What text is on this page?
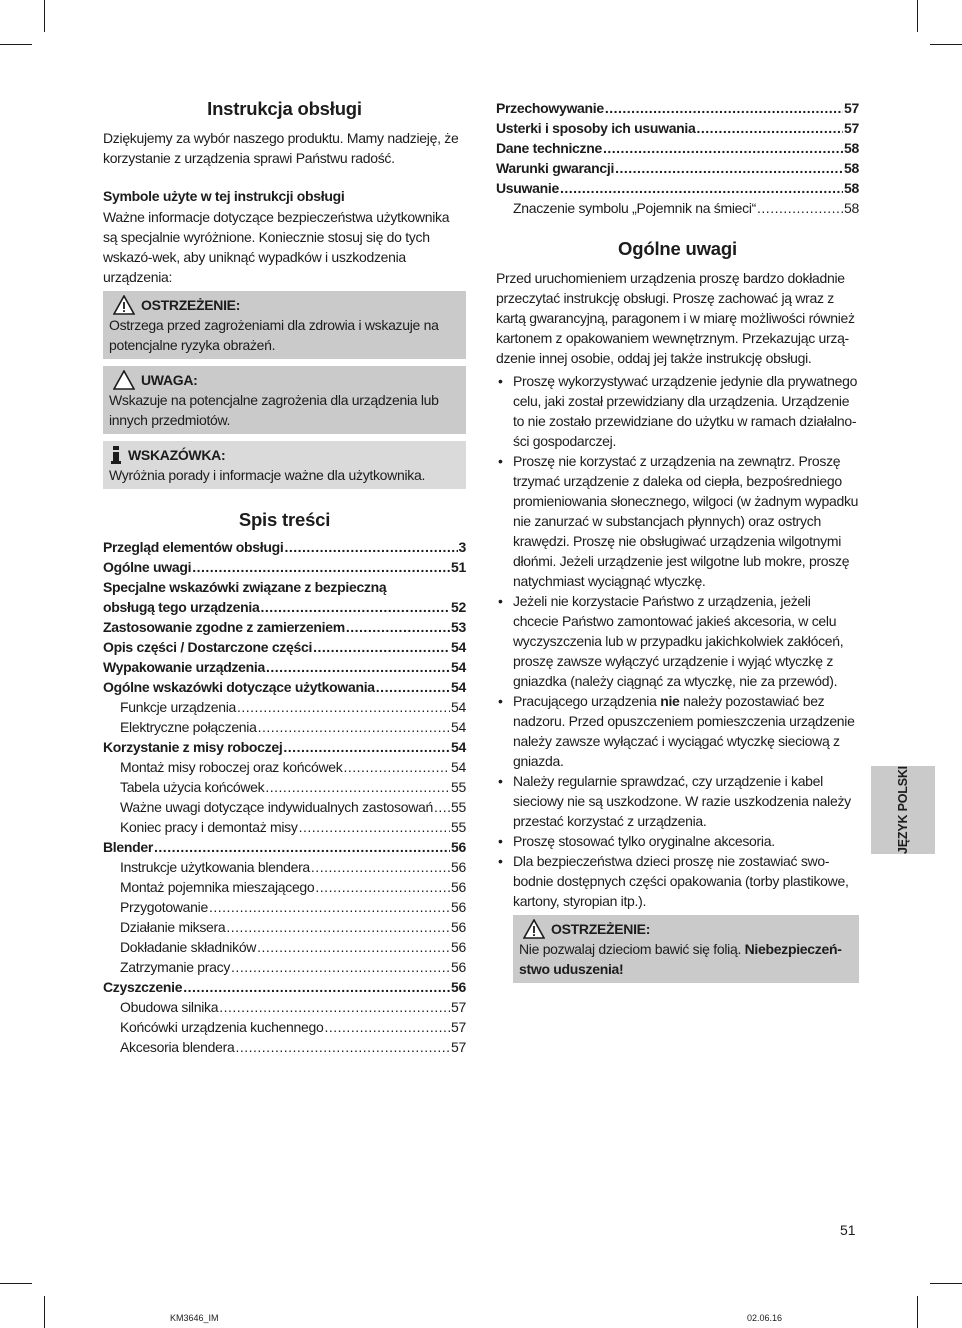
Instrukcja obsługi

Dziękujemy za wybór naszego produktu. Mamy nadzieję, że korzystanie z urządzenia sprawi Państwu radość.

Symbole użyte w tej instrukcji obsługi

Ważne informacje dotyczące bezpieczeństwa użytkownika są specjalnie wyróżnione. Koniecznie stosuj się do tych wskazó-wek, aby uniknąć wypadków i uszkodzenia urządzenia:

OSTRZEŻENIE:

Ostrzega przed zagrożeniami dla zdrowia i wskazuje na potencjalne ryzyka obrażeń.

UWAGA:

Wskazuje na potencjalne zagrożenia dla urządzenia lub innych przedmiotów.

WSKAZÓWKA:

Wyróżnia porady i informacje ważne dla użytkownika.

Spis treści
Przegląd elementów obsługi .....	3
Ogólne uwagi .....	51
Specjalne wskazówki związane z bezpieczną
obsługą tego urządzenia .....	52
Zastosowanie zgodne z zamierzeniem .....	53
Opis części / Dostarczone części .....	54
Wypakowanie urządzenia .....	54
Ogólne wskazówki dotyczące użytkowania .....	54
Funkcje urządzenia .....	54
Elektryczne połączenia .....	54
Korzystanie z misy roboczej .....	54
Montaż misy roboczej oraz końcówek .....	54
Tabela użycia końcówek .....	55
Ważne uwagi dotyczące indywidualnych zastosowań ..... 55
Koniec pracy i demontaż misy .....	55
Blender .....	56
Instrukcje użytkowania blendera .....	56
Montaż pojemnika mieszającego .....	56
Przygotowanie .....	56
Działanie miksera .....	56
Dokładanie składników .....	56
Zatrzymanie pracy .....	56
Czyszczenie .....	56
Obudowa silnika .....	57
Końcówki urządzenia kuchennego .....	57
Akcesoria blendera .....	57
Przechowywanie .....	57
Usterki i sposoby ich usuwania .....	57
Dane techniczne .....	58
Warunki gwarancji .....	58
Usuwanie .....	58
Znaczenie symbolu „Pojemnik na śmieci“ .....	58
Ogólne uwagi

Przed uruchomieniem urządzenia proszę bardzo dokładnie przeczytać instrukcję obsługi. Proszę zachować ją wraz z kartą gwarancyjną, paragonem i w miarę możliwości również kartonem z opakowaniem wewnętrznym. Przekazując urzą-dzenie innej osobie, oddaj jej także instrukcję obsługi.

• Proszę wykorzystywać urządzenie jedynie dla prywatnego celu, jaki został przewidziany dla urządzenia. Urządzenie to nie zostało przewidziane do użytku w ramach działalno-ści gospodarczej.
• Proszę nie korzystać z urządzenia na zewnątrz. Proszę trzymać urządzenie z daleka od ciepła, bezpośredniego promieniowania słonecznego, wilgoci (w żadnym wypadku nie zanurzać w substancjach płynnych) oraz ostrych krawędzi. Proszę nie obsługiwać urządzenia wilgotnymi dłońmi. Jeżeli urządzenie jest wilgotne lub mokre, proszę natychmiast wyciągnąć wtyczkę.
• Jeżeli nie korzystacie Państwo z urządzenia, jeżeli chcecie Państwo zamontować jakieś akcesoria, w celu wyczyszczenia lub w przypadku jakichkolwiek zakłóceń, proszę zawsze wyłączyć urządzenie i wyjąć wtyczkę z gniazdka (należy ciągnąć za wtyczkę, nie za przewód).
• Pracującego urządzenia nie należy pozostawiać bez nadzoru. Przed opuszczeniem pomieszczenia urządzenie należy zawsze wyłączać i wyciągać wtyczkę sieciową z gniazda.
• Należy regularnie sprawdzać, czy urządzenie i kabel sieciowy nie są uszkodzone. W razie uszkodzenia należy przestać korzystać z urządzenia.
• Proszę stosować tylko oryginalne akcesoria.
• Dla bezpieczeństwa dzieci proszę nie zostawiać swo-bodnie dostępnych części opakowania (torby plastikowe, kartony, styropian itp.).
OSTRZEŻENIE:

Nie pozwalaj dzieciom bawić się folią. Niebezpieczeń-stwo uduszenia!

JĘZYK POLSKI
51
KM3646_IM	02.06.16
